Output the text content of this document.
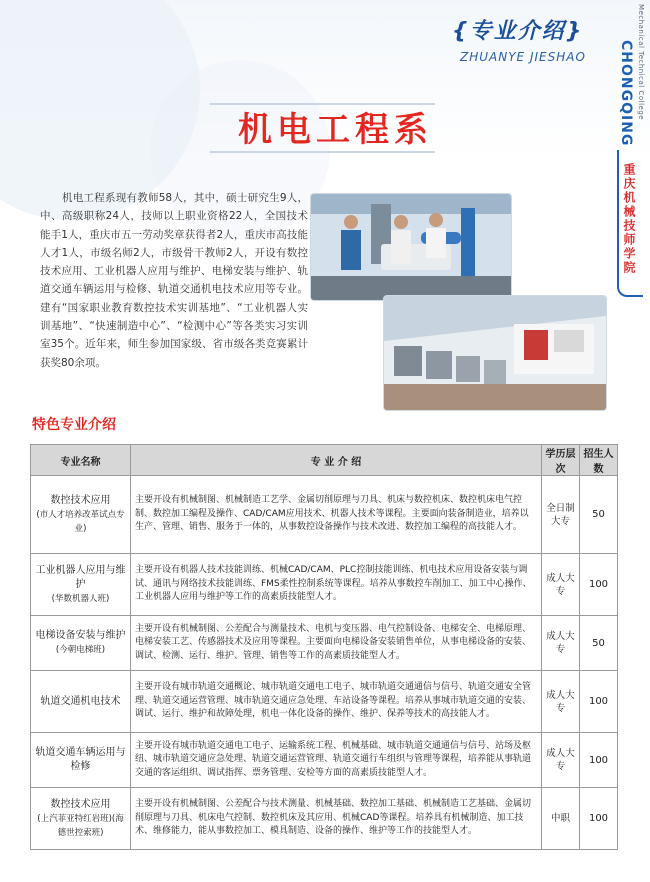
{专业介绍}
ZHUANYE JIESHAO	Mechanical Technical College
CHONGQING
重庆机械技师学院
机电工程系
机电工程系现有教师58人，其中，硕士研究生9人，中、高级职称24人，技师以上职业资格22人，全国技术能手1人，重庆市五一劳动奖章获得者2人，重庆市高技能人才1人，市级名师2人，市级骨干教师2人，开设有数控技术应用、工业机器人应用与维护、电梯安装与维护、轨道交通车辆运用与检修、轨道交通机电技术应用等专业。建有“国家职业教育数控技术实训基地”、“工业机器人实训基地”、“快速制造中心”、“检测中心”等各类实习实训室35个。近年来，师生参加国家级、省市级各类竞赛累计获奖80余项。
特色专业介绍
专业名称	专 业 介 绍	学历层次	招生人数

数控技术应用
(市人才培养改革试点专业)	主要开设有机械制图、机械制造工艺学、金属切削原理与刀具、机床与数控机床、数控机床电气控制、数控加工编程及操作、CAD/CAM应用技术、机器人技术等课程。主要面向装备制造业，培养以生产、管理、销售、服务于一体的，从事数控设备操作与技术改进、数控加工编程的高技能人才。	全日制大专	50

工业机器人应用与维护
(华数机器人班)	主要开设有机器人技术技能训练、机械CAD/CAM、PLC控制技能训练、机电技术应用设备安装与调试、通讯与网络技术技能训练、FMS柔性控制系统等课程。培养从事数控车削加工、加工中心操作、工业机器人应用与维护等工作的高素质技能型人才。	成人大专	100

电梯设备安装与维护
(今朝电梯班)	主要开设有机械制图、公差配合与测量技术、电机与变压器、电气控制设备、电梯安全、电梯原理、电梯安装工艺、传感器技术及应用等课程。主要面向电梯设备安装销售单位，从事电梯设备的安装、调试、检测、运行、维护、管理、销售等工作的高素质技能型人才。	成人大专	50

轨道交通机电技术	主要开设有城市轨道交通概论、城市轨道交通电工电子、城市轨道交通通信与信号、轨道交通安全管理、轨道交通运营管理、城市轨道交通应急处理、车站设备等课程。培养从事城市轨道交通的安装、调试、运行、维护和故障处理，机电一体化设备的操作、维护、保养等技术的高技能人才。	成人大专	100

轨道交通车辆运用与检修	主要开设有城市轨道交通电工电子、运输系统工程、机械基础、城市轨道交通通信与信号、站场及枢纽、城市轨道交通应急处理、轨道交通运营管理、轨道交通行车组织与管理等课程，培养能从事轨道交通的客运组织、调试指挥、票务管理、安检等方面的高素质技能型人才。	成人大专	100

数控技术应用
(上汽菲亚特红岩班)(海德世控索班)	主要开设有机械制图、公差配合与技术测量、机械基础、数控加工基础、机械制造工艺基础、金属切削原理与刀具、机床电气控制、数控机床及其应用、机械CAD等课程。培养具有机械制造、加工技术、维修能力，能从事数控加工、模具制造、设备的操作、维护等工作的技能型人才。	中职	100
